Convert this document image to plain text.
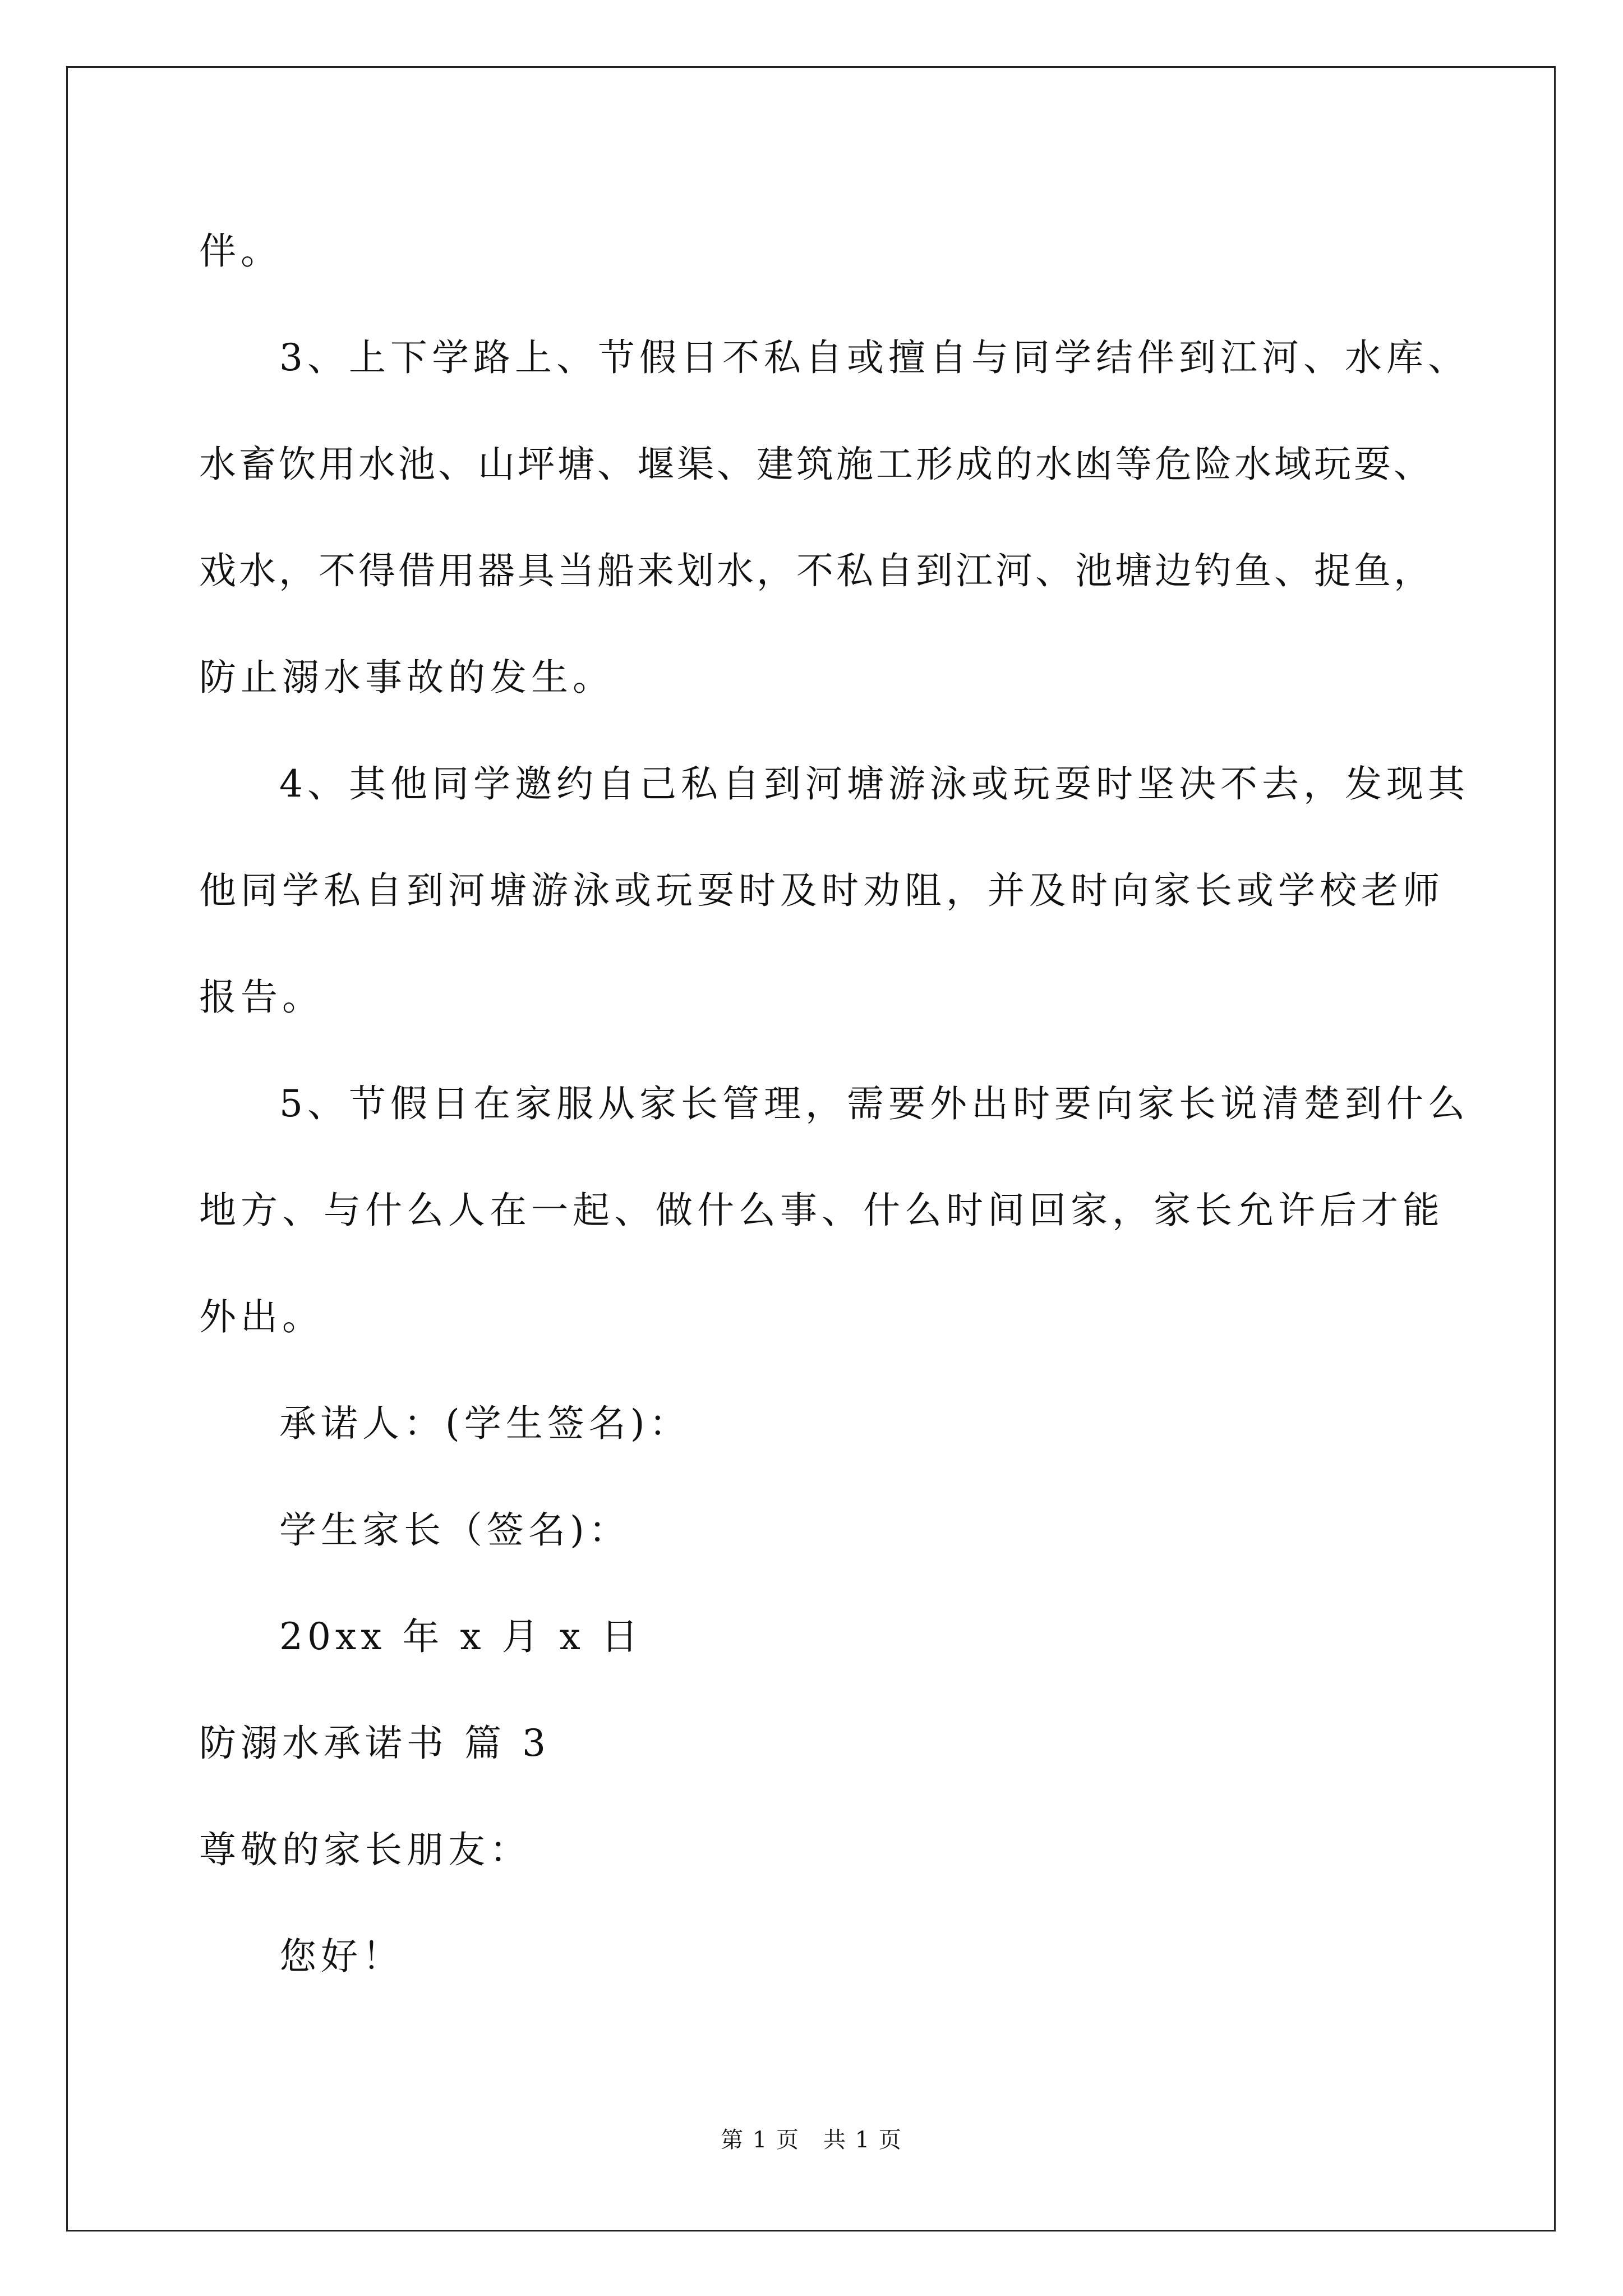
伴。
3、上下学路上、节假日不私自或擅自与同学结伴到江河、水库、
水畜饮用水池、山坪塘、堰渠、建筑施工形成的水凼等危险水域玩耍、
戏水，不得借用器具当船来划水，不私自到江河、池塘边钓鱼、捉鱼，
防止溺水事故的发生。
4、其他同学邀约自己私自到河塘游泳或玩耍时坚决不去，发现其
他同学私自到河塘游泳或玩耍时及时劝阻，并及时向家长或学校老师
报告。
5、节假日在家服从家长管理，需要外出时要向家长说清楚到什么
地方、与什么人在一起、做什么事、什么时间回家，家长允许后才能
外出。
承诺人：(学生签名)：
学生家长（签名)：
20xx 年 x 月 x 日
防溺水承诺书 篇 3
尊敬的家长朋友：
您好！
第 1 页　共 1 页
